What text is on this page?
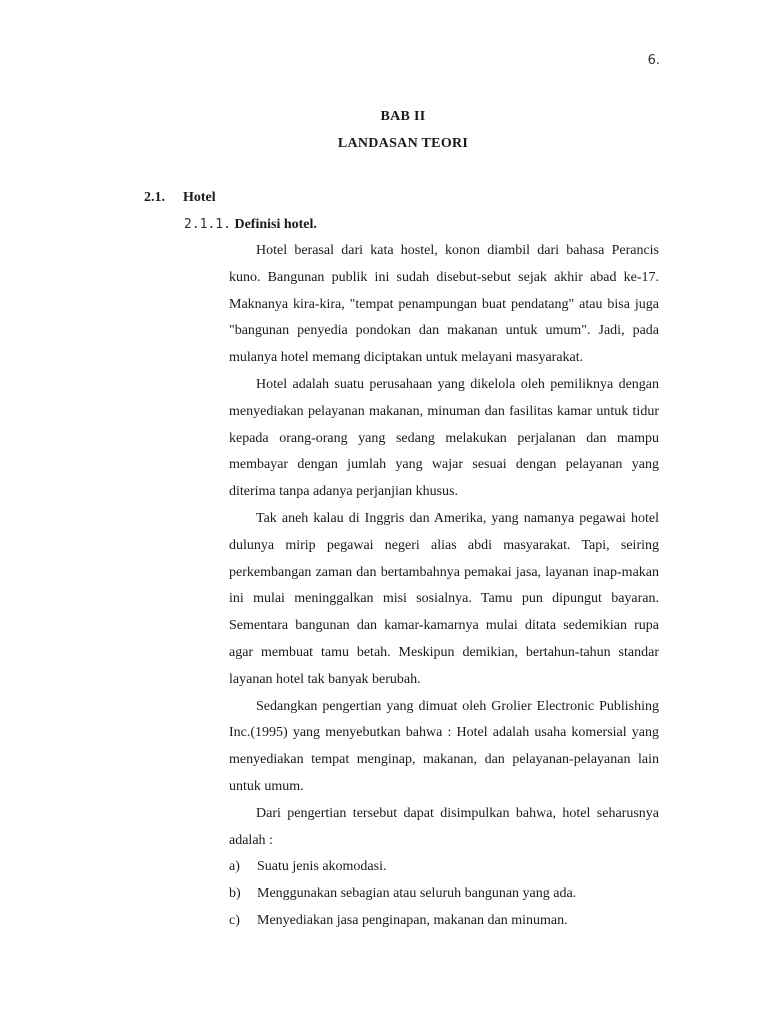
6.
BAB II
LANDASAN TEORI
2.1. Hotel
2.1.1. Definisi hotel.

Hotel berasal dari kata hostel, konon diambil dari bahasa Perancis kuno. Bangunan publik ini sudah disebut-sebut sejak akhir abad ke-17. Maknanya kira-kira, "tempat penampungan buat pendatang" atau bisa juga "bangunan penyedia pondokan dan makanan untuk umum". Jadi, pada mulanya hotel memang diciptakan untuk melayani masyarakat.

Hotel adalah suatu perusahaan yang dikelola oleh pemiliknya dengan menyediakan pelayanan makanan, minuman dan fasilitas kamar untuk tidur kepada orang-orang yang sedang melakukan perjalanan dan mampu membayar dengan jumlah yang wajar sesuai dengan pelayanan yang diterima tanpa adanya perjanjian khusus.

Tak aneh kalau di Inggris dan Amerika, yang namanya pegawai hotel dulunya mirip pegawai negeri alias abdi masyarakat. Tapi, seiring perkembangan zaman dan bertambahnya pemakai jasa, layanan inap-makan ini mulai meninggalkan misi sosialnya. Tamu pun dipungut bayaran. Sementara bangunan dan kamar-kamarnya mulai ditata sedemikian rupa agar membuat tamu betah. Meskipun demikian, bertahun-tahun standar layanan hotel tak banyak berubah.

Sedangkan pengertian yang dimuat oleh Grolier Electronic Publishing Inc.(1995) yang menyebutkan bahwa : Hotel adalah usaha komersial yang menyediakan tempat menginap, makanan, dan pelayanan-pelayanan lain untuk umum.

Dari pengertian tersebut dapat disimpulkan bahwa, hotel seharusnya adalah :

a) Suatu jenis akomodasi.
b) Menggunakan sebagian atau seluruh bangunan yang ada.
c) Menyediakan jasa penginapan, makanan dan minuman.
